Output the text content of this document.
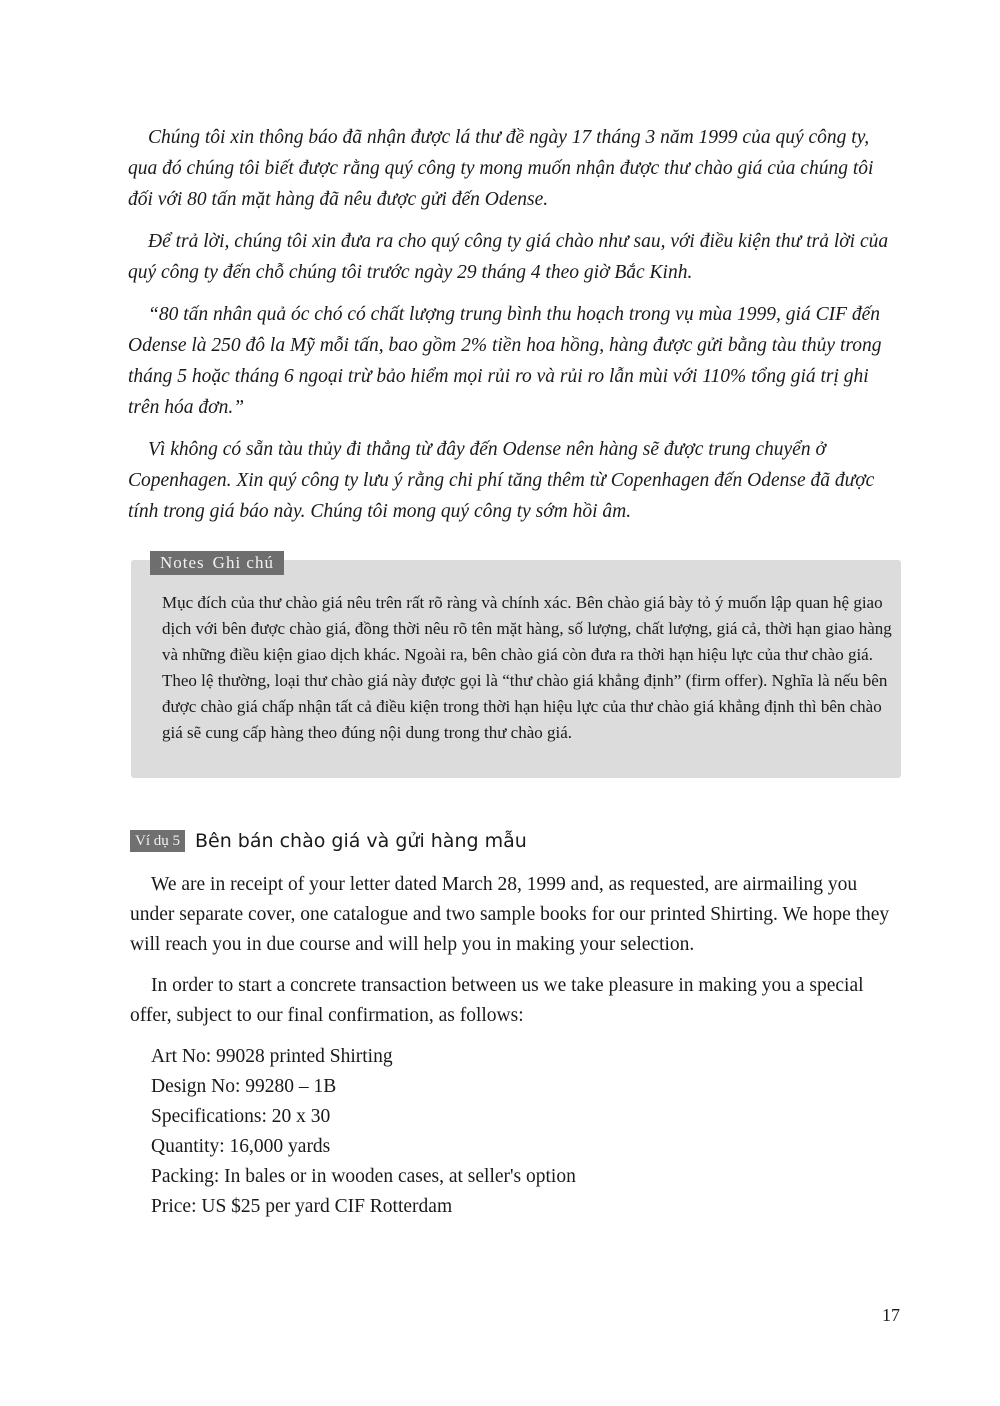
Chúng tôi xin thông báo đã nhận được lá thư đề ngày 17 tháng 3 năm 1999 của quý công ty, qua đó chúng tôi biết được rằng quý công ty mong muốn nhận được thư chào giá của chúng tôi đối với 80 tấn mặt hàng đã nêu được gửi đến Odense.

Để trả lời, chúng tôi xin đưa ra cho quý công ty giá chào như sau, với điều kiện thư trả lời của quý công ty đến chỗ chúng tôi trước ngày 29 tháng 4 theo giờ Bắc Kinh.

“80 tấn nhân quả óc chó có chất lượng trung bình thu hoạch trong vụ mùa 1999, giá CIF đến Odense là 250 đô la Mỹ mỗi tấn, bao gồm 2% tiền hoa hồng, hàng được gửi bằng tàu thủy trong tháng 5 hoặc tháng 6 ngoại trừ bảo hiểm mọi rủi ro và rủi ro lẫn mùi với 110% tổng giá trị ghi trên hóa đơn.”

Vì không có sẵn tàu thủy đi thẳng từ đây đến Odense nên hàng sẽ được trung chuyển ở Copenhagen. Xin quý công ty lưu ý rằng chi phí tăng thêm từ Copenhagen đến Odense đã được tính trong giá báo này. Chúng tôi mong quý công ty sớm hồi âm.

Notes Ghi chú
Mục đích của thư chào giá nêu trên rất rõ ràng và chính xác. Bên chào giá bày tỏ ý muốn lập quan hệ giao dịch với bên được chào giá, đồng thời nêu rõ tên mặt hàng, số lượng, chất lượng, giá cả, thời hạn giao hàng và những điều kiện giao dịch khác. Ngoài ra, bên chào giá còn đưa ra thời hạn hiệu lực của thư chào giá. Theo lệ thường, loại thư chào giá này được gọi là “thư chào giá khẳng định” (firm offer). Nghĩa là nếu bên được chào giá chấp nhận tất cả điều kiện trong thời hạn hiệu lực của thư chào giá khẳng định thì bên chào giá sẽ cung cấp hàng theo đúng nội dung trong thư chào giá.
Ví dụ 5 Bên bán chào giá và gửi hàng mẫu

We are in receipt of your letter dated March 28, 1999 and, as requested, are airmailing you under separate cover, one catalogue and two sample books for our printed Shirting. We hope they will reach you in due course and will help you in making your selection.

In order to start a concrete transaction between us we take pleasure in making you a special offer, subject to our final confirmation, as follows:

Art No: 99028 printed Shirting
Design No: 99280 – 1B
Specifications: 20 x 30
Quantity: 16,000 yards
Packing: In bales or in wooden cases, at seller's option
Price: US $25 per yard CIF Rotterdam
17
